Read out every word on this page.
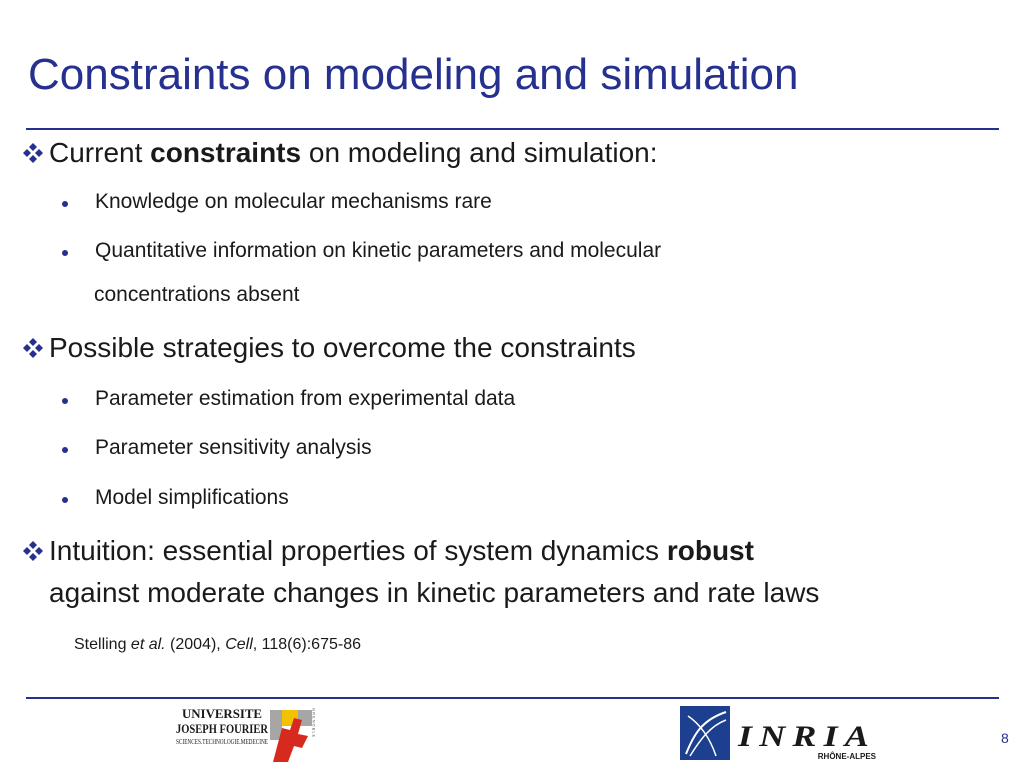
Constraints on modeling and simulation
Current constraints on modeling and simulation:
Knowledge on molecular mechanisms rare
Quantitative information on kinetic parameters and molecular
concentrations absent
Possible strategies to overcome the constraints
Parameter estimation from experimental data
Parameter sensitivity analysis
Model simplifications
Intuition: essential properties of system dynamics robust
against moderate changes in kinetic parameters and rate laws
Stelling et al. (2004), Cell, 118(6):675-86
UNIVERSITE
JOSEPH FOURIER
SCIENCES.TECHNOLOGIE.MEDECINE
GRENOBLE	INRIA
RHÔNE-ALPES
8
